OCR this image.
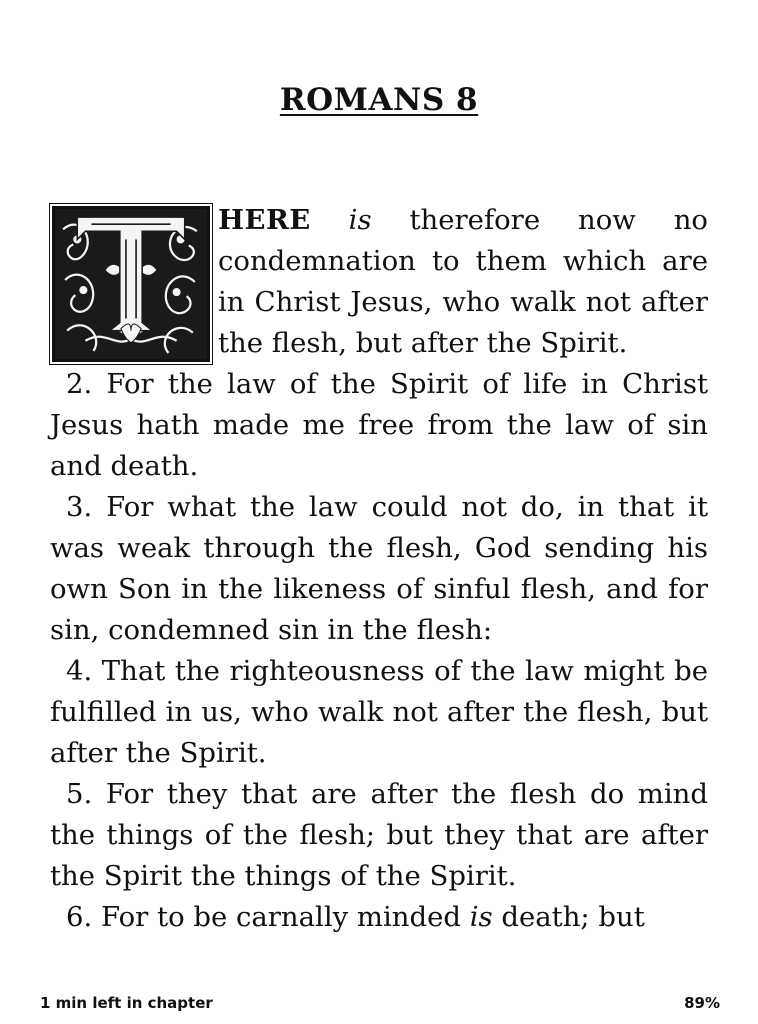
ROMANS 8

HERE is therefore now no condemnation to them which are in Christ Jesus, who walk not after the flesh, but after the Spirit.

2. For the law of the Spirit of life in Christ Jesus hath made me free from the law of sin and death.

3. For what the law could not do, in that it was weak through the flesh, God sending his own Son in the likeness of sinful flesh, and for sin, condemned sin in the flesh:

4. That the righteousness of the law might be fulfilled in us, who walk not after the flesh, but after the Spirit.

5. For they that are after the flesh do mind the things of the flesh; but they that are after the Spirit the things of the Spirit.

6. For to be carnally minded is death; but

1 min left in chapter	89%
